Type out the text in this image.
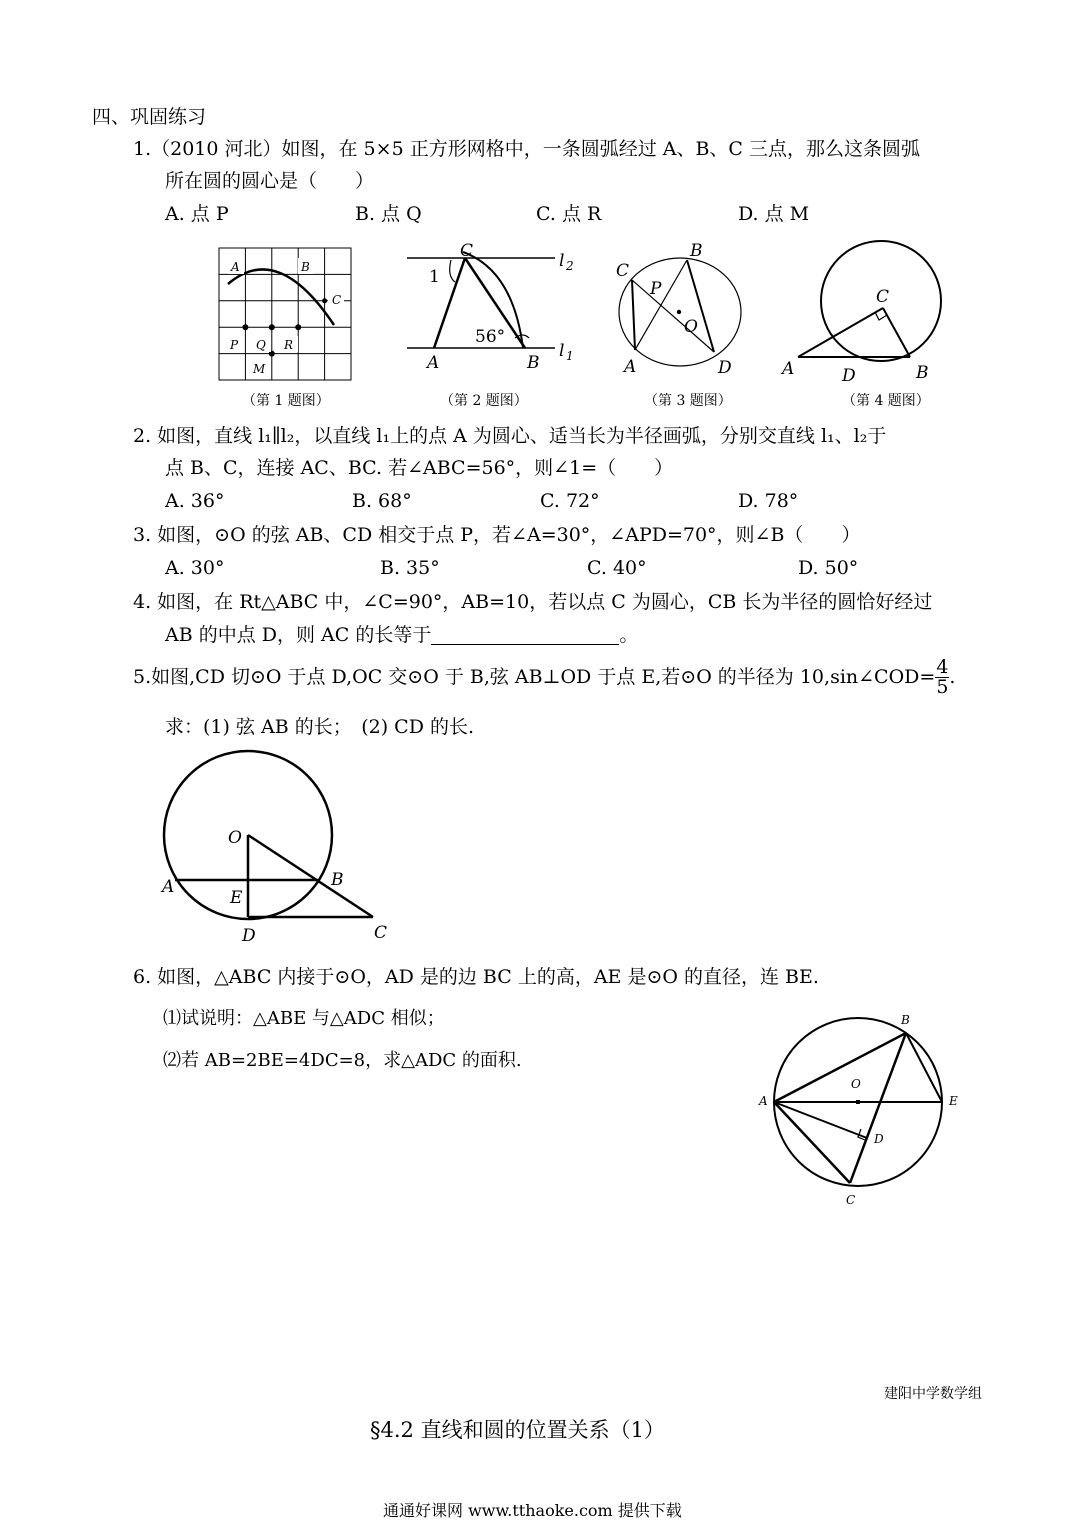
四、巩固练习
1.（2010 河北）如图，在 5×5 正方形网格中，一条圆弧经过 A、B、C 三点，那么这条圆弧
所在圆的圆心是（　　）
A. 点 P	B. 点 Q	C. 点 R	D. 点 M
A	B
C
P Q R
M
（第 1 题图）
C
A	B
l 2
l 1
1
56°
（第 2 题图）
B
C
P
O
A	D
（第 3 题图）
C
A	D	B
（第 4 题图）
2. 如图，直线 l₁∥l₂，以直线 l₁上的点 A 为圆心、适当长为半径画弧，分别交直线 l₁、l₂于
点 B、C，连接 AC、BC. 若∠ABC=56°，则∠1=（　　）
A. 36°	B. 68°	C. 72°	D. 78°
3. 如图，⊙O 的弦 AB、CD 相交于点 P，若∠A=30°，∠APD=70°，则∠B（　　）
A. 30°	B. 35°	C. 40°	D. 50°
4. 如图，在 Rt△ABC 中，∠C=90°，AB=10，若以点 C 为圆心，CB 长为半径的圆恰好经过
AB 的中点 D，则 AC 的长等于	。
5.如图,CD 切⊙O 于点 D,OC 交⊙O 于 B,弦 AB⊥OD 于点 E,若⊙O 的半径为 10,sin∠COD= $\frac{4}{5}$ .
求：(1) 弦 AB 的长；　(2) CD 的长.
O
A	B
E
D	C
6. 如图，△ABC 内接于⊙O，AD 是的边 BC 上的高，AE 是⊙O 的直径，连 BE.
⑴试说明：△ABE 与△ADC 相似；
⑵若 AB=2BE=4DC=8，求△ADC 的面积.
B
O
A	E
D
C
建阳中学数学组
§4.2 直线和圆的位置关系（1）
通通好课网 www.tthaoke.com 提供下载
